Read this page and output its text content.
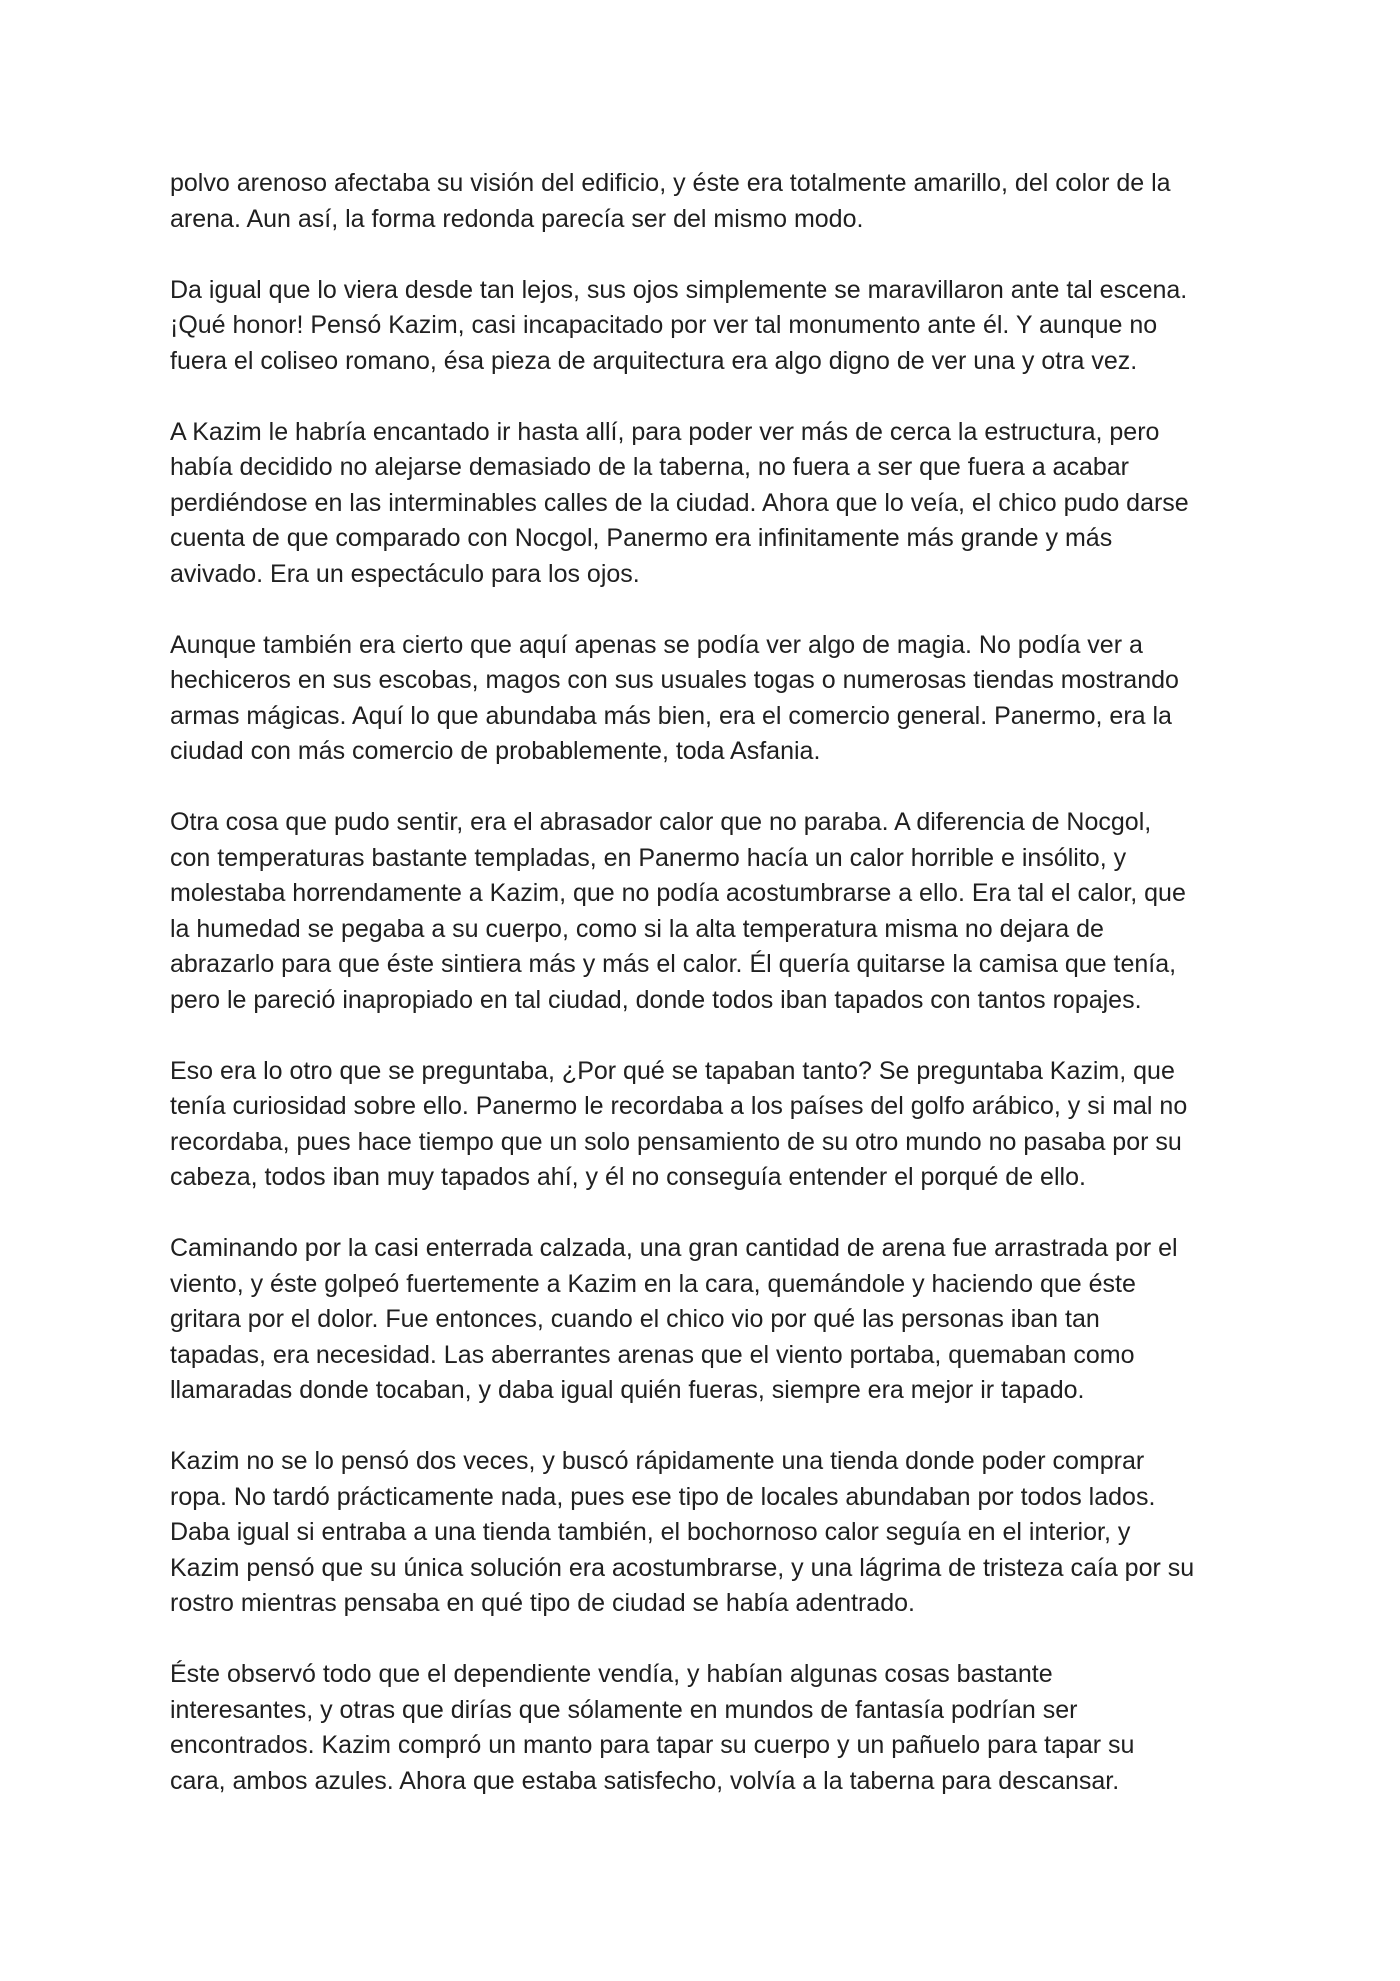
polvo arenoso afectaba su visión del edificio, y éste era totalmente amarillo, del color de la
arena. Aun así, la forma redonda parecía ser del mismo modo.

Da igual que lo viera desde tan lejos, sus ojos simplemente se maravillaron ante tal escena.
¡Qué honor! Pensó Kazim, casi incapacitado por ver tal monumento ante él. Y aunque no
fuera el coliseo romano, ésa pieza de arquitectura era algo digno de ver una y otra vez.

A Kazim le habría encantado ir hasta allí, para poder ver más de cerca la estructura, pero
había decidido no alejarse demasiado de la taberna, no fuera a ser que fuera a acabar
perdiéndose en las interminables calles de la ciudad. Ahora que lo veía, el chico pudo darse
cuenta de que comparado con Nocgol, Panermo era infinitamente más grande y más
avivado. Era un espectáculo para los ojos.

Aunque también era cierto que aquí apenas se podía ver algo de magia. No podía ver a
hechiceros en sus escobas, magos con sus usuales togas o numerosas tiendas mostrando
armas mágicas. Aquí lo que abundaba más bien, era el comercio general. Panermo, era la
ciudad con más comercio de probablemente, toda Asfania.

Otra cosa que pudo sentir, era el abrasador calor que no paraba. A diferencia de Nocgol,
con temperaturas bastante templadas, en Panermo hacía un calor horrible e insólito, y
molestaba horrendamente a Kazim, que no podía acostumbrarse a ello. Era tal el calor, que
la humedad se pegaba a su cuerpo, como si la alta temperatura misma no dejara de
abrazarlo para que éste sintiera más y más el calor. Él quería quitarse la camisa que tenía,
pero le pareció inapropiado en tal ciudad, donde todos iban tapados con tantos ropajes.

Eso era lo otro que se preguntaba, ¿Por qué se tapaban tanto? Se preguntaba Kazim, que
tenía curiosidad sobre ello. Panermo le recordaba a los países del golfo arábico, y si mal no
recordaba, pues hace tiempo que un solo pensamiento de su otro mundo no pasaba por su
cabeza, todos iban muy tapados ahí, y él no conseguía entender el porqué de ello.

Caminando por la casi enterrada calzada, una gran cantidad de arena fue arrastrada por el
viento, y éste golpeó fuertemente a Kazim en la cara, quemándole y haciendo que éste
gritara por el dolor. Fue entonces, cuando el chico vio por qué las personas iban tan
tapadas, era necesidad. Las aberrantes arenas que el viento portaba, quemaban como
llamaradas donde tocaban, y daba igual quién fueras, siempre era mejor ir tapado.

Kazim no se lo pensó dos veces, y buscó rápidamente una tienda donde poder comprar
ropa. No tardó prácticamente nada, pues ese tipo de locales abundaban por todos lados.
Daba igual si entraba a una tienda también, el bochornoso calor seguía en el interior, y
Kazim pensó que su única solución era acostumbrarse, y una lágrima de tristeza caía por su
rostro mientras pensaba en qué tipo de ciudad se había adentrado.

Éste observó todo que el dependiente vendía, y habían algunas cosas bastante
interesantes, y otras que dirías que sólamente en mundos de fantasía podrían ser
encontrados. Kazim compró un manto para tapar su cuerpo y un pañuelo para tapar su
cara, ambos azules. Ahora que estaba satisfecho, volvía a la taberna para descansar.
